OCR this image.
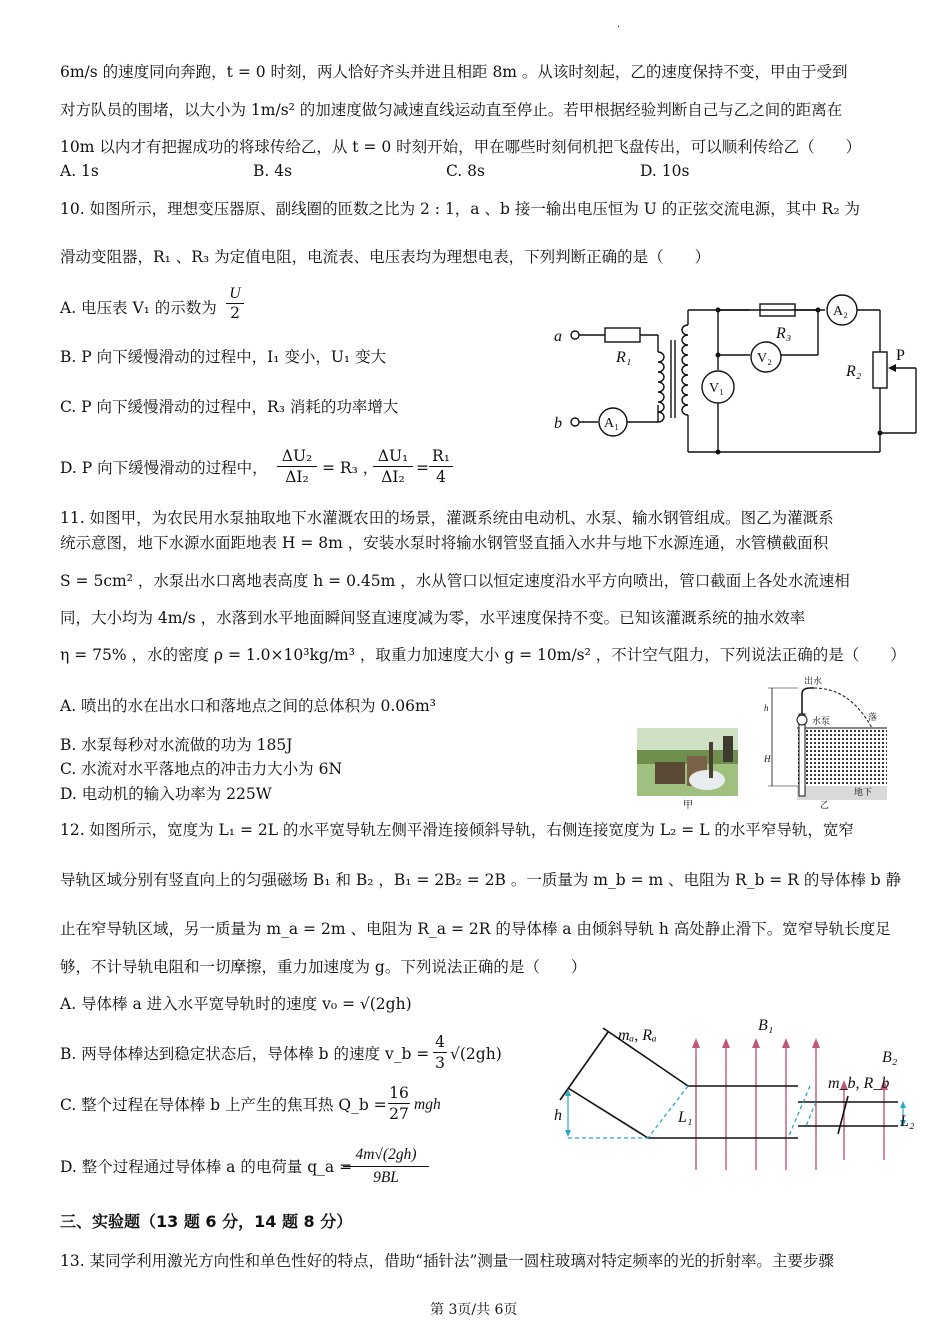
·
6m/s 的速度同向奔跑，t = 0 时刻，两人恰好齐头并进且相距 8m 。从该时刻起，乙的速度保持不变，甲由于受到
对方队员的围堵，以大小为 1m/s² 的加速度做匀减速直线运动直至停止。若甲根据经验判断自己与乙之间的距离在
10m 以内才有把握成功的将球传给乙，从 t = 0 时刻开始，甲在哪些时刻伺机把飞盘传出，可以顺利传给乙（　　）
A. 1s	B. 4s	C. 8s	D. 10s
10. 如图所示，理想变压器原、副线圈的匝数之比为 2 : 1，a 、b 接一输出电压恒为 U 的正弦交流电源，其中 R₂ 为
滑动变阻器，R₁ 、R₃ 为定值电阻，电流表、电压表均为理想电表，下列判断正确的是（　　）
A. 电压表 V₁ 的示数为
U
2
B. P 向下缓慢滑动的过程中，I₁ 变小，U₁ 变大
C. P 向下缓慢滑动的过程中，R₃ 消耗的功率增大
D. P 向下缓慢滑动的过程中，
ΔU₂
ΔI₂ = R₃ ，
ΔU₁
ΔI₂ =
R₁
4
a
b
R₁
R₃
R₂
A₁
A₂
V₁
V₂	P
11. 如图甲，为农民用水泵抽取地下水灌溉农田的场景，灌溉系统由电动机、水泵、输水钢管组成。图乙为灌溉系
统示意图，地下水源水面距地表 H = 8m ，安装水泵时将输水钢管竖直插入水井与地下水源连通，水管横截面积
S = 5cm² ，水泵出水口离地表高度 h = 0.45m ，水从管口以恒定速度沿水平方向喷出，管口截面上各处水流速相
同，大小均为 4m/s ，水落到水平地面瞬间竖直速度减为零，水平速度保持不变。已知该灌溉系统的抽水效率
η = 75% ，水的密度 ρ = 1.0×10³kg/m³ ，取重力加速度大小 g = 10m/s² ，不计空气阻力，下列说法正确的是（　　）
A. 喷出的水在出水口和落地点之间的总体积为 0.06m³
B. 水泵每秒对水流做的功为 185J
C. 水流对水平落地点的冲击力大小为 6N
D. 电动机的输入功率为 225W
甲
出水
水泵	落
地下
h
H
乙
12. 如图所示，宽度为 L₁ = 2L 的水平宽导轨左侧平滑连接倾斜导轨，右侧连接宽度为 L₂ = L 的水平窄导轨，宽窄
导轨区域分别有竖直向上的匀强磁场 B₁ 和 B₂ ，B₁ = 2B₂ = 2B 。一质量为 m_b = m 、电阻为 R_b = R 的导体棒 b 静
止在窄导轨区域，另一质量为 m_a = 2m 、电阻为 R_a = 2R 的导体棒 a 由倾斜导轨 h 高处静止滑下。宽窄导轨长度足
够，不计导轨电阻和一切摩擦，重力加速度为 g。下列说法正确的是（　　）
A. 导体棒 a 进入水平宽导轨时的速度 v₀ = √(2gh)
B. 两导体棒达到稳定状态后，导体棒 b 的速度 v_b =
4
3 √(2gh)
C. 整个过程在导体棒 b 上产生的焦耳热 Q_b =
16
27
mgh
D. 整个过程通过导体棒 a 的电荷量 q_a =
4m√(2gh)
9BL
mₐ, Rₐ
B₁
B₂
m_b, R_b
L₁	L₂
h
三、实验题（13 题 6 分，14 题 8 分）
13. 某同学利用激光方向性和单色性好的特点，借助“插针法”测量一圆柱玻璃对特定频率的光的折射率。主要步骤
第 3页/共 6页
